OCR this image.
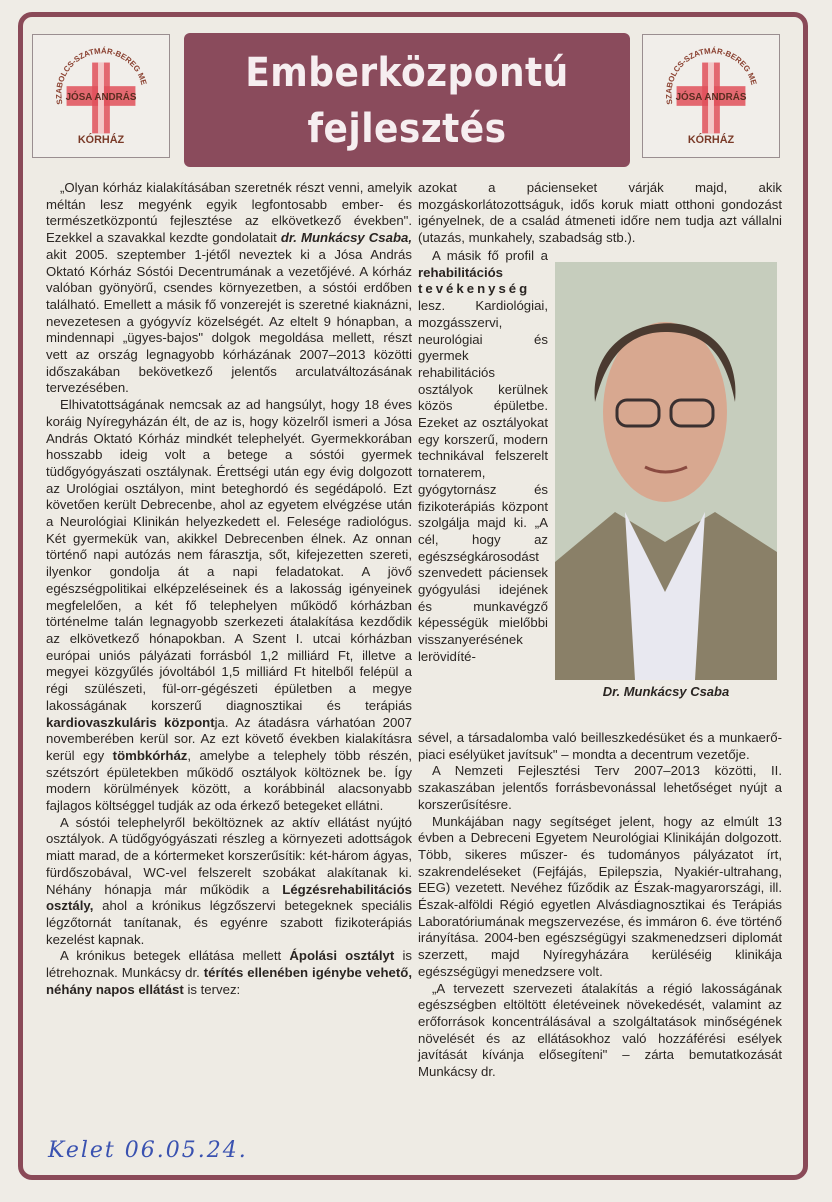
SZABOLCS-SZATMÁR-BEREG ME
JÓSA ANDRÁS
KÓRHÁZ
Emberközpontú
fejlesztés
SZABOLCS-SZATMÁR-BEREG ME
JÓSA ANDRÁS
KÓRHÁZ

„Olyan kórház kialakításában szeretnék részt venni, amelyik méltán lesz megyénk egyik legfontosabb ember- és természetközpontú fejlesztése az elkövetkező években". Ezekkel a szavakkal kezdte gondolatait dr. Munkácsy Csaba, akit 2005. szeptember 1-jétől neveztek ki a Jósa András Oktató Kórház Sóstói Decentrumának a vezetőjévé. A kórház valóban gyönyörű, csendes környezetben, a sóstói erdőben található. Emellett a másik fő vonzerejét is szeretné kiaknázni, nevezetesen a gyógyvíz közelségét. Az eltelt 9 hónapban, a mindennapi „ügyes-bajos" dolgok megoldása mellett, részt vett az ország legnagyobb kórházának 2007–2013 közötti időszakában bekövetkező jelentős arculatváltozásának tervezésében.

Elhivatottságának nemcsak az ad hangsúlyt, hogy 18 éves koráig Nyíregyházán élt, de az is, hogy közelről ismeri a Jósa András Oktató Kórház mindkét telephelyét. Gyermekkorában hosszabb ideig volt a betege a sóstói gyermek tüdőgyógyászati osztálynak. Érettségi után egy évig dolgozott az Urológiai osztályon, mint beteghordó és segédápoló. Ezt követően került Debrecenbe, ahol az egyetem elvégzése után a Neurológiai Klinikán helyezkedett el. Felesége radiológus. Két gyermekük van, akikkel Debrecenben élnek. Az onnan történő napi autózás nem fárasztja, sőt, kifejezetten szereti, ilyenkor gondolja át a napi feladatokat. A jövő egészségpolitikai elképzeléseinek és a lakosság igényeinek megfelelően, a két fő telephelyen működő kórházban történelme talán legnagyobb szerkezeti átalakítása kezdődik az elkövetkező hónapokban. A Szent I. utcai kórházban európai uniós pályázati forrásból 1,2 milliárd Ft, illetve a megyei közgyűlés jóvoltából 1,5 milliárd Ft hitelből felépül a régi szülészeti, fül-orr-gégészeti épületben a megye lakosságának korszerű diagnosztikai és terápiás kardiovaszkuláris központja. Az átadásra várhatóan 2007 novemberében kerül sor. Az ezt követő években kialakításra kerül egy tömbkórház, amelybe a telephely több részén, szétszórt épületekben működő osztályok költöznek be. Így modern körülmények között, a korábbinál alacsonyabb fajlagos költséggel tudják az oda érkező betegeket ellátni.

A sóstói telephelyről beköltöznek az aktív ellátást nyújtó osztályok. A tüdőgyógyászati részleg a környezeti adottságok miatt marad, de a kórtermeket korszerűsítik: két-három ágyas, fürdőszobával, WC-vel felszerelt szobákat alakítanak ki. Néhány hónapja már működik a Légzésrehabilitációs osztály, ahol a krónikus légzőszervi betegeknek speciális légzőtornát tanítanak, és egyénre szabott fizikoterápiás kezelést kapnak.

A krónikus betegek ellátása mellett Ápolási osztályt is létrehoznak. Munkácsy dr. térítés ellenében igénybe vehető, néhány napos ellátást is tervez:

azokat a pácienseket várják majd, akik mozgáskorlátozottságuk, idős koruk miatt otthoni gondozást igényelnek, de a család átmeneti időre nem tudja azt vállalni (utazás, munkahely, szabadság stb.).

A másik fő profil a rehabilitációs tevékenység lesz. Kardiológiai, mozgásszervi, neurológiai és gyermek rehabilitációs osztályok kerülnek közös épületbe. Ezeket az osztályokat egy korszerű, modern technikával felszerelt tornaterem, gyógytornász és fizikoterápiás központ szolgálja majd ki. „A cél, hogy az egészségkárosodást szenvedett páciensek gyógyulási idejének és munkavégző képességük mielőbbi visszanyerésének lerövidíté-

Dr. Munkácsy Csaba

sével, a társadalomba való beilleszkedésüket és a munkaerő-piaci esélyüket javítsuk" – mondta a decentrum vezetője.

A Nemzeti Fejlesztési Terv 2007–2013 közötti, II. szakaszában jelentős forrásbevonással lehetőséget nyújt a korszerűsítésre.

Munkájában nagy segítséget jelent, hogy az elmúlt 13 évben a Debreceni Egyetem Neurológiai Klinikáján dolgozott. Több, sikeres műszer- és tudományos pályázatot írt, szakrendeléseket (Fejfájás, Epilepszia, Nyakiér-ultrahang, EEG) vezetett. Nevéhez fűződik az Észak-magyarországi, ill. Észak-alföldi Régió egyetlen Alvásdiagnosztikai és Terápiás Laboratóriumának megszervezése, és immáron 6. éve történő irányítása. 2004-ben egészségügyi szakmenedzseri diplomát szerzett, majd Nyíregyházára kerüléséig klinikája egészségügyi menedzsere volt.

„A tervezett szervezeti átalakítás a régió lakosságának egészségben eltöltött életéveinek növekedését, valamint az erőforrások koncentrálásával a szolgáltatások minőségének növelését és az ellátásokhoz való hozzáférési esélyek javítását kívánja elősegíteni" – zárta bemutatkozását Munkácsy dr.

Kelet 06.05.24.
